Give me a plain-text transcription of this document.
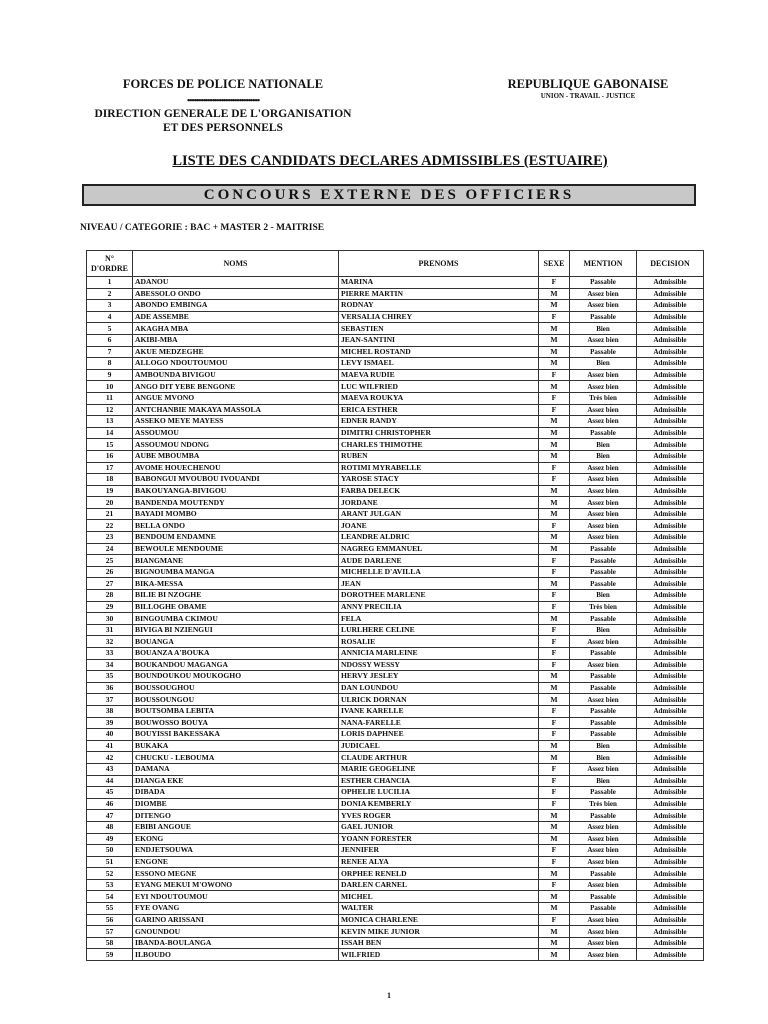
FORCES DE POLICE NATIONALE
••••••••••••••••••••••••••••••••••••••••
DIRECTION GENERALE DE L'ORGANISATION
ET DES PERSONNELS
REPUBLIQUE GABONAISE
UNION - TRAVAIL - JUSTICE
LISTE DES CANDIDATS DECLARES ADMISSIBLES (ESTUAIRE)
CONCOURS EXTERNE DES OFFICIERS
NIVEAU / CATEGORIE : BAC + MASTER 2 - MAITRISE
N°
D'ORDRE	NOMS	PRENOMS	SEXE	MENTION	DECISION
1	ADANOU	MARINA	F	Passable	Admissible
2	ABESSOLO ONDO	PIERRE MARTIN	M	Assez bien	Admissible
3	ABONDO EMBINGA	RODNAY	M	Assez bien	Admissible
4	ADE ASSEMBE	VERSALIA CHIREY	F	Passable	Admissible
5	AKAGHA MBA	SEBASTIEN	M	Bien	Admissible
6	AKIBI-MBA	JEAN-SANTINI	M	Assez bien	Admissible
7	AKUE MEDZEGHE	MICHEL ROSTAND	M	Passable	Admissible
8	ALLOGO NDOUTOUMOU	LEVY ISMAEL	M	Bien	Admissible
9	AMBOUNDA BIVIGOU	MAEVA RUDIE	F	Assez bien	Admissible
10	ANGO DIT YEBE BENGONE	LUC WILFRIED	M	Assez bien	Admissible
11	ANGUE MVONO	MAEVA ROUKYA	F	Très bien	Admissible
12	ANTCHANBIE MAKAYA MASSOLA	ERICA ESTHER	F	Assez bien	Admissible
13	ASSEKO MEYE MAYESS	EDNER RANDY	M	Assez bien	Admissible
14	ASSOUMOU	DIMITRI CHRISTOPHER	M	Passable	Admissible
15	ASSOUMOU NDONG	CHARLES THIMOTHE	M	Bien	Admissible
16	AUBE MBOUMBA	RUBEN	M	Bien	Admissible
17	AVOME HOUECHENOU	ROTIMI MYRABELLE	F	Assez bien	Admissible
18	BABONGUI MVOUBOU IVOUANDI	YAROSE STACY	F	Assez bien	Admissible
19	BAKOUYANGA-BIVIGOU	FARBA DELECK	M	Assez bien	Admissible
20	BANDENDA MOUTENDY	JORDANE	M	Assez bien	Admissible
21	BAYADI MOMBO	ARANT JULGAN	M	Assez bien	Admissible
22	BELLA ONDO	JOANE	F	Assez bien	Admissible
23	BENDOUM ENDAMNE	LEANDRE ALDRIC	M	Assez bien	Admissible
24	BEWOULE MENDOUME	NAGREG EMMANUEL	M	Passable	Admissible
25	BIANGMANE	AUDE DARLENE	F	Passable	Admissible
26	BIGNOUMBA MANGA	MICHELLE D'AVILLA	F	Passable	Admissible
27	BIKA-MESSA	JEAN	M	Passable	Admissible
28	BILIE BI NZOGHE	DOROTHEE MARLENE	F	Bien	Admissible
29	BILLOGHE OBAME	ANNY PRECILIA	F	Très bien	Admissible
30	BINGOUMBA CKIMOU	FELA	M	Passable	Admissible
31	BIVIGA BI NZIENGUI	LURLHERE CELINE	F	Bien	Admissible
32	BOUANGA	ROSALIE	F	Assez bien	Admissible
33	BOUANZA A'BOUKA	ANNICIA MARLEINE	F	Passable	Admissible
34	BOUKANDOU MAGANGA	NDOSSY WESSY	F	Assez bien	Admissible
35	BOUNDOUKOU MOUKOGHO	HERVY JESLEY	M	Passable	Admissible
36	BOUSSOUGHOU	DAN LOUNDOU	M	Passable	Admissible
37	BOUSSOUNGOU	ULRICK DORNAN	M	Assez bien	Admissible
38	BOUTSOMBA LEBITA	IVANE KARELLE	F	Passable	Admissible
39	BOUWOSSO BOUYA	NANA-FARELLE	F	Passable	Admissible
40	BOUYISSI BAKESSAKA	LORIS DAPHNEE	F	Passable	Admissible
41	BUKAKA	JUDICAEL	M	Bien	Admissible
42	CHUCKU - LEBOUMA	CLAUDE ARTHUR	M	Bien	Admissible
43	DAMANA	MARIE GEOGELINE	F	Assez bien	Admissible
44	DIANGA EKE	ESTHER CHANCIA	F	Bien	Admissible
45	DIBADA	OPHELIE LUCILIA	F	Passable	Admissible
46	DIOMBE	DONIA KEMBERLY	F	Très bien	Admissible
47	DITENGO	YVES ROGER	M	Passable	Admissible
48	EBIBI ANGOUE	GAEL JUNIOR	M	Assez bien	Admissible
49	EKONG	YOANN FORESTER	M	Assez bien	Admissible
50	ENDJETSOUWA	JENNIFER	F	Assez bien	Admissible
51	ENGONE	RENEE ALYA	F	Assez bien	Admissible
52	ESSONO MEGNE	ORPHEE RENELD	M	Passable	Admissible
53	EYANG MEKUI M'OWONO	DARLEN CARNEL	F	Assez bien	Admissible
54	EYI NDOUTOUMOU	MICHEL	M	Passable	Admissible
55	FYE OVANG	WALTER	M	Passable	Admissible
56	GARINO ARISSANI	MONICA CHARLENE	F	Assez bien	Admissible
57	GNOUNDOU	KEVIN MIKE JUNIOR	M	Assez bien	Admissible
58	IBANDA-BOULANGA	ISSAH BEN	M	Assez bien	Admissible
59	ILBOUDO	WILFRIED	M	Assez bien	Admissible
1
